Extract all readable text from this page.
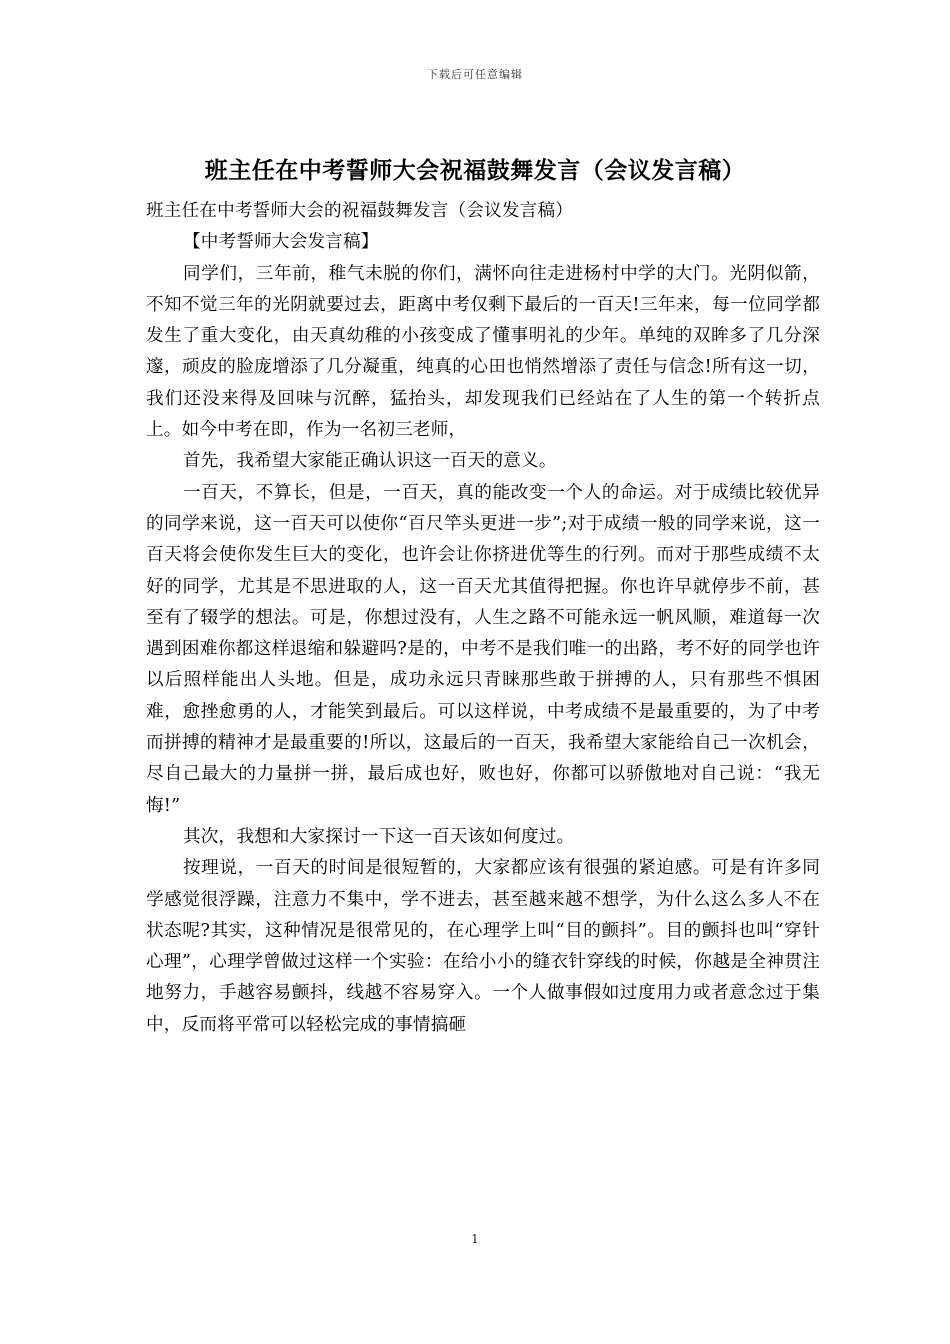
下载后可任意编辑
班主任在中考誓师大会祝福鼓舞发言（会议发言稿）

班主任在中考誓师大会的祝福鼓舞发言（会议发言稿）

【中考誓师大会发言稿】

同学们，三年前，稚气未脱的你们，满怀向往走进杨村中学的大门。光阴似箭，不知不觉三年的光阴就要过去，距离中考仅剩下最后的一百天!三年来，每一位同学都发生了重大变化，由天真幼稚的小孩变成了懂事明礼的少年。单纯的双眸多了几分深邃，顽皮的脸庞增添了几分凝重，纯真的心田也悄然增添了责任与信念!所有这一切，我们还没来得及回味与沉醉，猛抬头，却发现我们已经站在了人生的第一个转折点上。如今中考在即，作为一名初三老师，

首先，我希望大家能正确认识这一百天的意义。

一百天，不算长，但是，一百天，真的能改变一个人的命运。对于成绩比较优异的同学来说，这一百天可以使你“百尺竿头更进一步”;对于成绩一般的同学来说，这一百天将会使你发生巨大的变化，也许会让你挤进优等生的行列。而对于那些成绩不太好的同学，尤其是不思进取的人，这一百天尤其值得把握。你也许早就停步不前，甚至有了辍学的想法。可是，你想过没有，人生之路不可能永远一帆风顺，难道每一次遇到困难你都这样退缩和躲避吗?是的，中考不是我们唯一的出路，考不好的同学也许以后照样能出人头地。但是，成功永远只青睐那些敢于拼搏的人，只有那些不惧困难，愈挫愈勇的人，才能笑到最后。可以这样说，中考成绩不是最重要的，为了中考而拼搏的精神才是最重要的!所以，这最后的一百天，我希望大家能给自己一次机会，尽自己最大的力量拼一拼，最后成也好，败也好，你都可以骄傲地对自己说：“我无悔!”

其次，我想和大家探讨一下这一百天该如何度过。

按理说，一百天的时间是很短暂的，大家都应该有很强的紧迫感。可是有许多同学感觉很浮躁，注意力不集中，学不进去，甚至越来越不想学，为什么这么多人不在状态呢?其实，这种情况是很常见的，在心理学上叫“目的颤抖”。目的颤抖也叫“穿针心理”，心理学曾做过这样一个实验：在给小小的缝衣针穿线的时候，你越是全神贯注地努力，手越容易颤抖，线越不容易穿入。一个人做事假如过度用力或者意念过于集中，反而将平常可以轻松完成的事情搞砸

1
